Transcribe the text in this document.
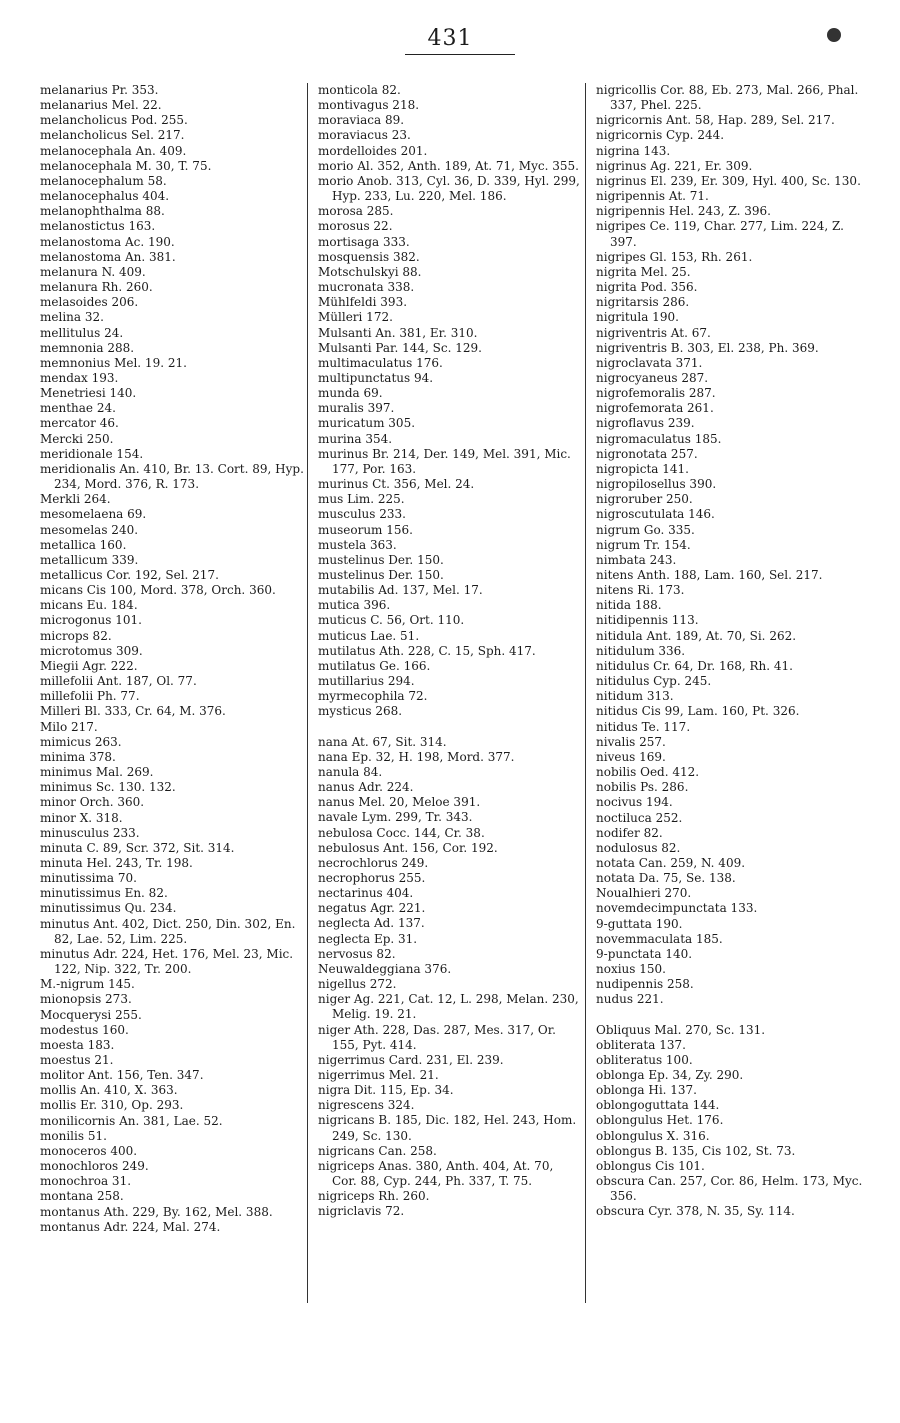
431

melanarius Pr. 353.

melanarius Mel. 22.

melancholicus Pod. 255.

melancholicus Sel. 217.

melanocephala An. 409.

melanocephala M. 30, T. 75.

melanocephalum 58.

melanocephalus 404.

melanophthalma 88.

melanostictus 163.

melanostoma Ac. 190.

melanostoma An. 381.

melanura N. 409.

melanura Rh. 260.

melasoides 206.

melina 32.

mellitulus 24.

memnonia 288.

memnonius Mel. 19. 21.

mendax 193.

Menetriesi 140.

menthae 24.

mercator 46.

Mercki 250.

meridionale 154.

meridionalis An. 410, Br. 13. Cort. 89, Hyp. 234, Mord. 376, R. 173.

Merkli 264.

mesomelaena 69.

mesomelas 240.

metallica 160.

metallicum 339.

metallicus Cor. 192, Sel. 217.

micans Cis 100, Mord. 378, Orch. 360.

micans Eu. 184.

microgonus 101.

microps 82.

microtomus 309.

Miegii Agr. 222.

millefolii Ant. 187, Ol. 77.

millefolii Ph. 77.

Milleri Bl. 333, Cr. 64, M. 376.

Milo 217.

mimicus 263.

minima 378.

minimus Mal. 269.

minimus Sc. 130. 132.

minor Orch. 360.

minor X. 318.

minusculus 233.

minuta C. 89, Scr. 372, Sit. 314.

minuta Hel. 243, Tr. 198.

minutissima 70.

minutissimus En. 82.

minutissimus Qu. 234.

minutus Ant. 402, Dict. 250, Din. 302, En. 82, Lae. 52, Lim. 225.

minutus Adr. 224, Het. 176, Mel. 23, Mic. 122, Nip. 322, Tr. 200.

M.-nigrum 145.

mionopsis 273.

Mocquerysi 255.

modestus 160.

moesta 183.

moestus 21.

molitor Ant. 156, Ten. 347.

mollis An. 410, X. 363.

mollis Er. 310, Op. 293.

monilicornis An. 381, Lae. 52.

monilis 51.

monoceros 400.

monochloros 249.

monochroa 31.

montana 258.

montanus Ath. 229, By. 162, Mel. 388.

montanus Adr. 224, Mal. 274.

monticola 82.

montivagus 218.

moraviaca 89.

moraviacus 23.

mordelloides 201.

morio Al. 352, Anth. 189, At. 71, Myc. 355.

morio Anob. 313, Cyl. 36, D. 339, Hyl. 299, Hyp. 233, Lu. 220, Mel. 186.

morosa 285.

morosus 22.

mortisaga 333.

mosquensis 382.

Motschulskyi 88.

mucronata 338.

Mühlfeldi 393.

Mülleri 172.

Mulsanti An. 381, Er. 310.

Mulsanti Par. 144, Sc. 129.

multimaculatus 176.

multipunctatus 94.

munda 69.

muralis 397.

muricatum 305.

murina 354.

murinus Br. 214, Der. 149, Mel. 391, Mic. 177, Por. 163.

murinus Ct. 356, Mel. 24.

mus Lim. 225.

musculus 233.

museorum 156.

mustela 363.

mustelinus Der. 150.

mustelinus Der. 150.

mutabilis Ad. 137, Mel. 17.

mutica 396.

muticus C. 56, Ort. 110.

muticus Lae. 51.

mutilatus Ath. 228, C. 15, Sph. 417.

mutilatus Ge. 166.

mutillarius 294.

myrmecophila 72.

mysticus 268.

nana At. 67, Sit. 314.

nana Ep. 32, H. 198, Mord. 377.

nanula 84.

nanus Adr. 224.

nanus Mel. 20, Meloe 391.

navale Lym. 299, Tr. 343.

nebulosa Cocc. 144, Cr. 38.

nebulosus Ant. 156, Cor. 192.

necrochlorus 249.

necrophorus 255.

nectarinus 404.

negatus Agr. 221.

neglecta Ad. 137.

neglecta Ep. 31.

nervosus 82.

Neuwaldeggiana 376.

nigellus 272.

niger Ag. 221, Cat. 12, L. 298, Melan. 230, Melig. 19. 21.

niger Ath. 228, Das. 287, Mes. 317, Or. 155, Pyt. 414.

nigerrimus Card. 231, El. 239.

nigerrimus Mel. 21.

nigra Dit. 115, Ep. 34.

nigrescens 324.

nigricans B. 185, Dic. 182, Hel. 243, Hom. 249, Sc. 130.

nigricans Can. 258.

nigriceps Anas. 380, Anth. 404, At. 70, Cor. 88, Cyp. 244, Ph. 337, T. 75.

nigriceps Rh. 260.

nigriclavis 72.

nigricollis Cor. 88, Eb. 273, Mal. 266, Phal. 337, Phel. 225.

nigricornis Ant. 58, Hap. 289, Sel. 217.

nigricornis Cyp. 244.

nigrina 143.

nigrinus Ag. 221, Er. 309.

nigrinus El. 239, Er. 309, Hyl. 400, Sc. 130.

nigripennis At. 71.

nigripennis Hel. 243, Z. 396.

nigripes Ce. 119, Char. 277, Lim. 224, Z. 397.

nigripes Gl. 153, Rh. 261.

nigrita Mel. 25.

nigrita Pod. 356.

nigritarsis 286.

nigritula 190.

nigriventris At. 67.

nigriventris B. 303, El. 238, Ph. 369.

nigroclavata 371.

nigrocyaneus 287.

nigrofemoralis 287.

nigrofemorata 261.

nigroflavus 239.

nigromaculatus 185.

nigronotata 257.

nigropicta 141.

nigropilosellus 390.

nigroruber 250.

nigroscutulata 146.

nigrum Go. 335.

nigrum Tr. 154.

nimbata 243.

nitens Anth. 188, Lam. 160, Sel. 217.

nitens Ri. 173.

nitida 188.

nitidipennis 113.

nitidula Ant. 189, At. 70, Si. 262.

nitidulum 336.

nitidulus Cr. 64, Dr. 168, Rh. 41.

nitidulus Cyp. 245.

nitidum 313.

nitidus Cis 99, Lam. 160, Pt. 326.

nitidus Te. 117.

nivalis 257.

niveus 169.

nobilis Oed. 412.

nobilis Ps. 286.

nocivus 194.

noctiluca 252.

nodifer 82.

nodulosus 82.

notata Can. 259, N. 409.

notata Da. 75, Se. 138.

Noualhieri 270.

novemdecimpunctata 133.

9-guttata 190.

novemmaculata 185.

9-punctata 140.

noxius 150.

nudipennis 258.

nudus 221.

Obliquus Mal. 270, Sc. 131.

obliterata 137.

obliteratus 100.

oblonga Ep. 34, Zy. 290.

oblonga Hi. 137.

oblongoguttata 144.

oblongulus Het. 176.

oblongulus X. 316.

oblongus B. 135, Cis 102, St. 73.

oblongus Cis 101.

obscura Can. 257, Cor. 86, Helm. 173, Myc. 356.

obscura Cyr. 378, N. 35, Sy. 114.
